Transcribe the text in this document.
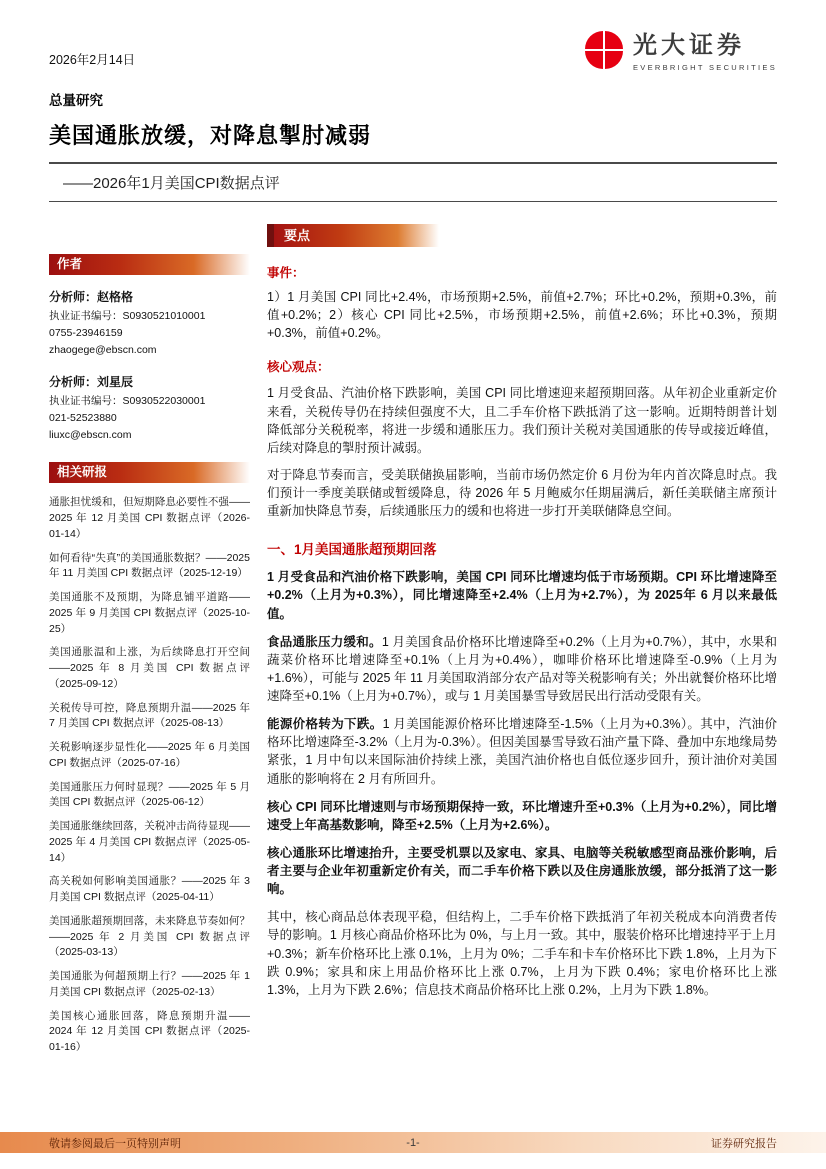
2026年2月14日
光大证券
EVERBRIGHT SECURITIES
总量研究
美国通胀放缓，对降息掣肘减弱
——2026年1月美国CPI数据点评
作者
分析师：赵格格
执业证书编号：S0930521010001
0755-23946159
zhaogege@ebscn.com
分析师：刘星辰
执业证书编号：S0930522030001
021-52523880
liuxc@ebscn.com
相关研报
通胀担忧缓和，但短期降息必要性不强——2025 年 12 月美国 CPI 数据点评（2026-01-14）
如何看待“失真”的美国通胀数据？——2025 年 11 月美国 CPI 数据点评（2025-12-19）
美国通胀不及预期，为降息铺平道路——2025 年 9 月美国 CPI 数据点评（2025-10-25）
美国通胀温和上涨，为后续降息打开空间——2025 年 8 月美国 CPI 数据点评（2025-09-12）
关税传导可控，降息预期升温——2025 年 7 月美国 CPI 数据点评（2025-08-13）
关税影响逐步显性化——2025 年 6 月美国 CPI 数据点评（2025-07-16）
美国通胀压力何时显现？——2025 年 5 月美国 CPI 数据点评（2025-06-12）
美国通胀继续回落，关税冲击尚待显现——2025 年 4 月美国 CPI 数据点评（2025-05-14）
高关税如何影响美国通胀？——2025 年 3 月美国 CPI 数据点评（2025-04-11）
美国通胀超预期回落，未来降息节奏如何？——2025 年 2 月美国 CPI 数据点评（2025-03-13）
美国通胀为何超预期上行？——2025 年 1 月美国 CPI 数据点评（2025-02-13）
美国核心通胀回落，降息预期升温——2024 年 12 月美国 CPI 数据点评（2025-01-16）
要点
事件：

1）1 月美国 CPI 同比+2.4%，市场预期+2.5%，前值+2.7%；环比+0.2%，预期+0.3%，前值+0.2%；2）核心 CPI 同比+2.5%，市场预期+2.5%，前值+2.6%；环比+0.3%，预期+0.3%，前值+0.2%。

核心观点：

1 月受食品、汽油价格下跌影响，美国 CPI 同比增速迎来超预期回落。从年初企业重新定价来看，关税传导仍在持续但强度不大，且二手车价格下跌抵消了这一影响。近期特朗普计划降低部分关税税率，将进一步缓和通胀压力。我们预计关税对美国通胀的传导或接近峰值，后续对降息的掣肘预计减弱。

对于降息节奏而言，受美联储换届影响，当前市场仍然定价 6 月份为年内首次降息时点。我们预计一季度美联储或暂缓降息，待 2026 年 5 月鲍威尔任期届满后，新任美联储主席预计重新加快降息节奏，后续通胀压力的缓和也将进一步打开美联储降息空间。

一、1月美国通胀超预期回落

1 月受食品和汽油价格下跌影响，美国 CPI 同环比增速均低于市场预期。CPI 环比增速降至+0.2%（上月为+0.3%），同比增速降至+2.4%（上月为+2.7%），为 2025年 6 月以来最低值。

食品通胀压力缓和。1 月美国食品价格环比增速降至+0.2%（上月为+0.7%），其中，水果和蔬菜价格环比增速降至+0.1%（上月为+0.4%），咖啡价格环比增速降至-0.9%（上月为+1.6%），可能与 2025 年 11 月美国取消部分农产品对等关税影响有关；外出就餐价格环比增速降至+0.1%（上月为+0.7%），或与 1 月美国暴雪导致居民出行活动受限有关。

能源价格转为下跌。1 月美国能源价格环比增速降至-1.5%（上月为+0.3%）。其中，汽油价格环比增速降至-3.2%（上月为-0.3%）。但因美国暴雪导致石油产量下降、叠加中东地缘局势紧张，1 月中旬以来国际油价持续上涨，美国汽油价格也自低位逐步回升，预计油价对美国通胀的影响将在 2 月有所回升。

核心 CPI 同环比增速则与市场预期保持一致，环比增速升至+0.3%（上月为+0.2%），同比增速受上年高基数影响，降至+2.5%（上月为+2.6%）。

核心通胀环比增速抬升，主要受机票以及家电、家具、电脑等关税敏感型商品涨价影响，后者主要与企业年初重新定价有关，而二手车价格下跌以及住房通胀放缓，部分抵消了这一影响。

其中，核心商品总体表现平稳，但结构上，二手车价格下跌抵消了年初关税成本向消费者传导的影响。1 月核心商品价格环比为 0%，与上月一致。其中，服装价格环比增速持平于上月+0.3%；新车价格环比上涨 0.1%，上月为 0%；二手车和卡车价格环比下跌 1.8%，上月为下跌 0.9%；家具和床上用品价格环比上涨 0.7%，上月为下跌 0.4%；家电价格环比上涨 1.3%，上月为下跌 2.6%；信息技术商品价格环比上涨 0.2%，上月为下跌 1.8%。

敬请参阅最后一页特别声明	-1-	证券研究报告
